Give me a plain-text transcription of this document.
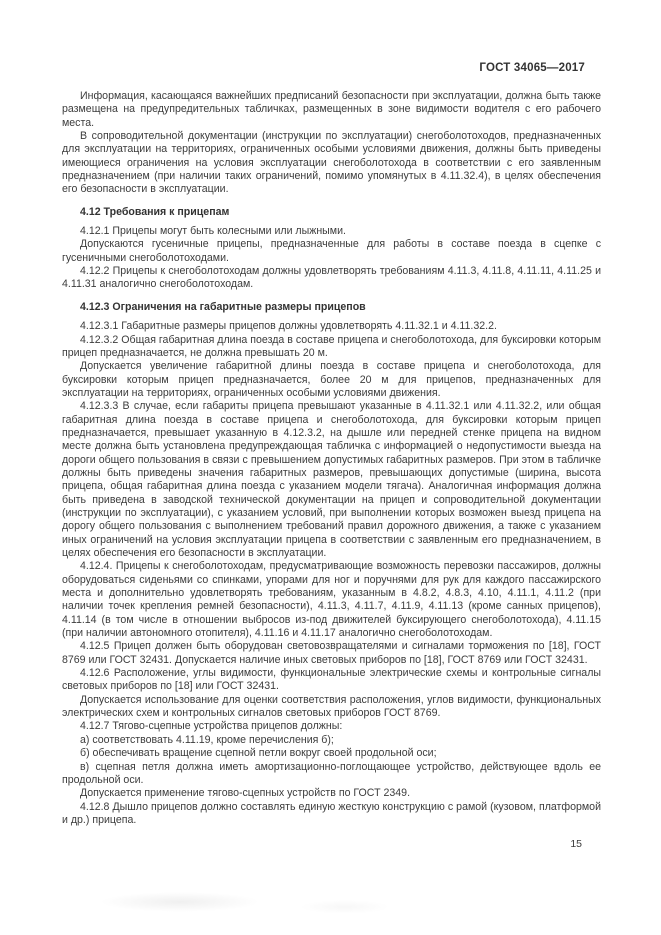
ГОСТ 34065—2017

Информация, касающаяся важнейших предписаний безопасности при эксплуатации, должна быть также размещена на предупредительных табличках, размещенных в зоне видимости водителя с его рабочего места.

В сопроводительной документации (инструкции по эксплуатации) снегоболотоходов, предназначенных для эксплуатации на территориях, ограниченных особыми условиями движения, должны быть приведены имеющиеся ограничения на условия эксплуатации снегоболотохода в соответствии с его заявленным предназначением (при наличии таких ограничений, помимо упомянутых в 4.11.32.4), в целях обеспечения его безопасности в эксплуатации.

4.12 Требования к прицепам

4.12.1 Прицепы могут быть колесными или лыжными.

Допускаются гусеничные прицепы, предназначенные для работы в составе поезда в сцепке с гусеничными снегоболотоходами.

4.12.2 Прицепы к снегоболотоходам должны удовлетворять требованиям 4.11.3, 4.11.8, 4.11.11, 4.11.25 и 4.11.31 аналогично снегоболотоходам.

4.12.3 Ограничения на габаритные размеры прицепов

4.12.3.1 Габаритные размеры прицепов должны удовлетворять 4.11.32.1 и 4.11.32.2.

4.12.3.2 Общая габаритная длина поезда в составе прицепа и снегоболотохода, для буксировки которым прицеп предназначается, не должна превышать 20 м.

Допускается увеличение габаритной длины поезда в составе прицепа и снегоболотохода, для буксировки которым прицеп предназначается, более 20 м для прицепов, предназначенных для эксплуатации на территориях, ограниченных особыми условиями движения.

4.12.3.3 В случае, если габариты прицепа превышают указанные в 4.11.32.1 или 4.11.32.2, или общая габаритная длина поезда в составе прицепа и снегоболотохода, для буксировки которым прицеп предназначается, превышает указанную в 4.12.3.2, на дышле или передней стенке прицепа на видном месте должна быть установлена предупреждающая табличка с информацией о недопустимости выезда на дороги общего пользования в связи с превышением допустимых габаритных размеров. При этом в табличке должны быть приведены значения габаритных размеров, превышающих допустимые (ширина, высота прицепа, общая габаритная длина поезда с указанием модели тягача). Аналогичная информация должна быть приведена в заводской технической документации на прицеп и сопроводительной документации (инструкции по эксплуатации), с указанием условий, при выполнении которых возможен выезд прицепа на дорогу общего пользования с выполнением требований правил дорожного движения, а также с указанием иных ограничений на условия эксплуатации прицепа в соответствии с заявленным его предназначением, в целях обеспечения его безопасности в эксплуатации.

4.12.4. Прицепы к снегоболотоходам, предусматривающие возможность перевозки пассажиров, должны оборудоваться сиденьями со спинками, упорами для ног и поручнями для рук для каждого пассажирского места и дополнительно удовлетворять требованиям, указанным в 4.8.2, 4.8.3, 4.10, 4.11.1, 4.11.2 (при наличии точек крепления ремней безопасности), 4.11.3, 4.11.7, 4.11.9, 4.11.13 (кроме санных прицепов), 4.11.14 (в том числе в отношении выбросов из-под движителей буксирующего снегоболотохода), 4.11.15 (при наличии автономного отопителя), 4.11.16 и 4.11.17 аналогично снегоболотоходам.

4.12.5 Прицеп должен быть оборудован световозвращателями и сигналами торможения по [18], ГОСТ 8769 или ГОСТ 32431. Допускается наличие иных световых приборов по [18], ГОСТ 8769 или ГОСТ 32431.

4.12.6 Расположение, углы видимости, функциональные электрические схемы и контрольные сигналы световых приборов по [18] или ГОСТ 32431.

Допускается использование для оценки соответствия расположения, углов видимости, функциональных электрических схем и контрольных сигналов световых приборов ГОСТ 8769.

4.12.7 Тягово-сцепные устройства прицепов должны:

а) соответствовать 4.11.19, кроме перечисления б);

б) обеспечивать вращение сцепной петли вокруг своей продольной оси;

в) сцепная петля должна иметь амортизационно-поглощающее устройство, действующее вдоль ее продольной оси.

Допускается применение тягово-сцепных устройств по ГОСТ 2349.

4.12.8 Дышло прицепов должно составлять единую жесткую конструкцию с рамой (кузовом, платформой и др.) прицепа.

15
